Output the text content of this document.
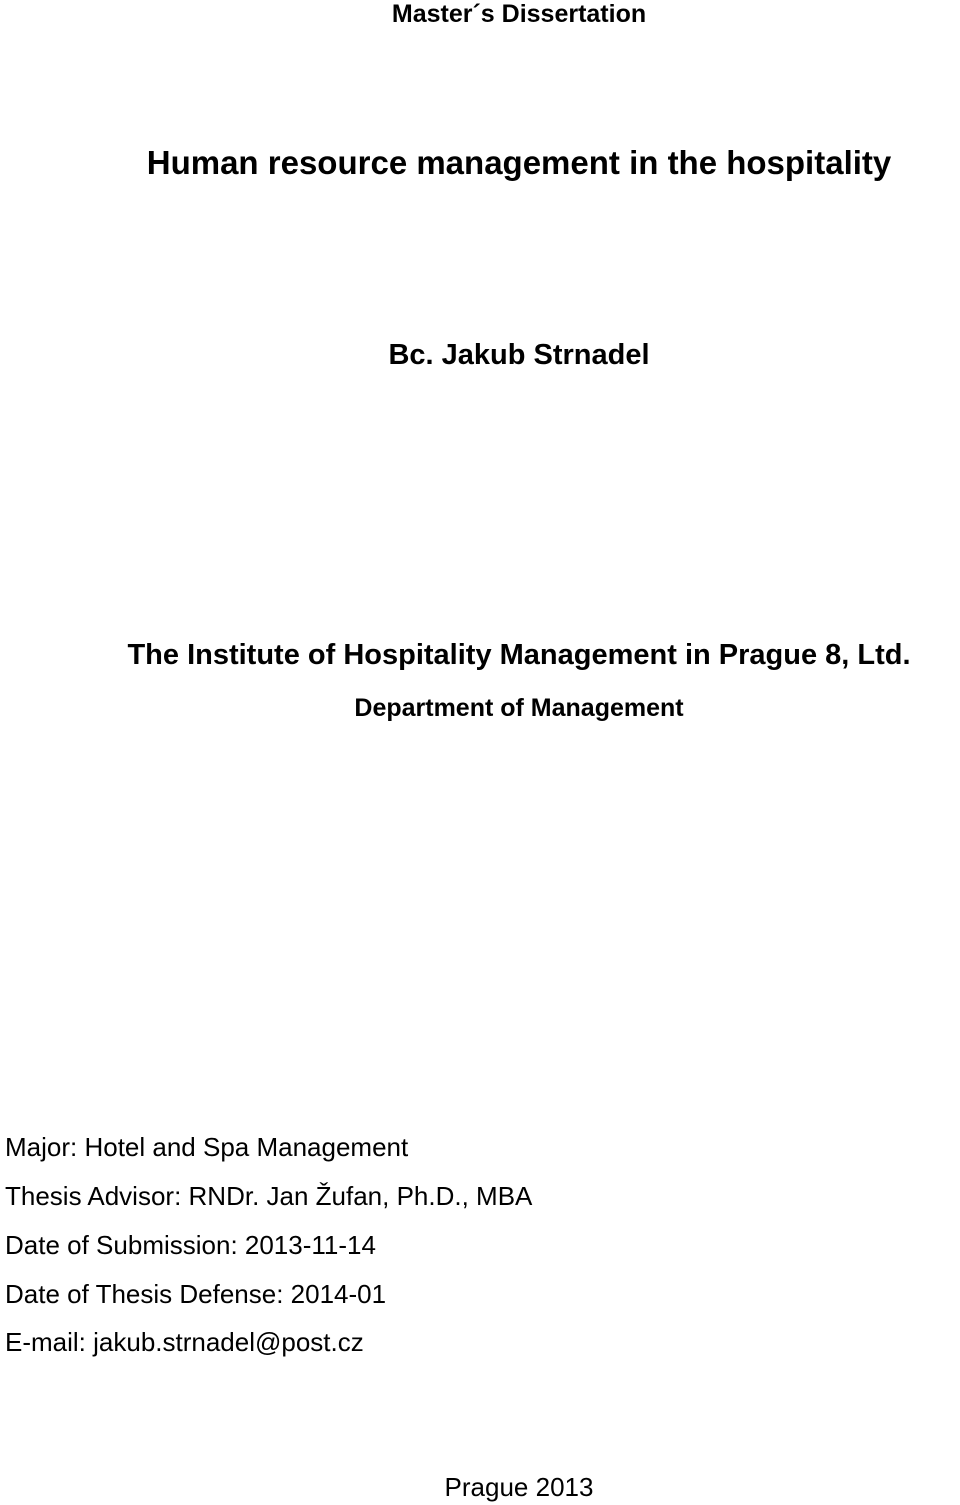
Master´s Dissertation

Human resource management in the hospitality

Bc. Jakub Strnadel

The Institute of Hospitality Management in Prague 8, Ltd.

Department of Management

Major: Hotel and Spa Management

Thesis Advisor: RNDr. Jan Žufan, Ph.D., MBA

Date of Submission: 2013-11-14

Date of Thesis Defense: 2014-01

E-mail: jakub.strnadel@post.cz

Prague 2013
